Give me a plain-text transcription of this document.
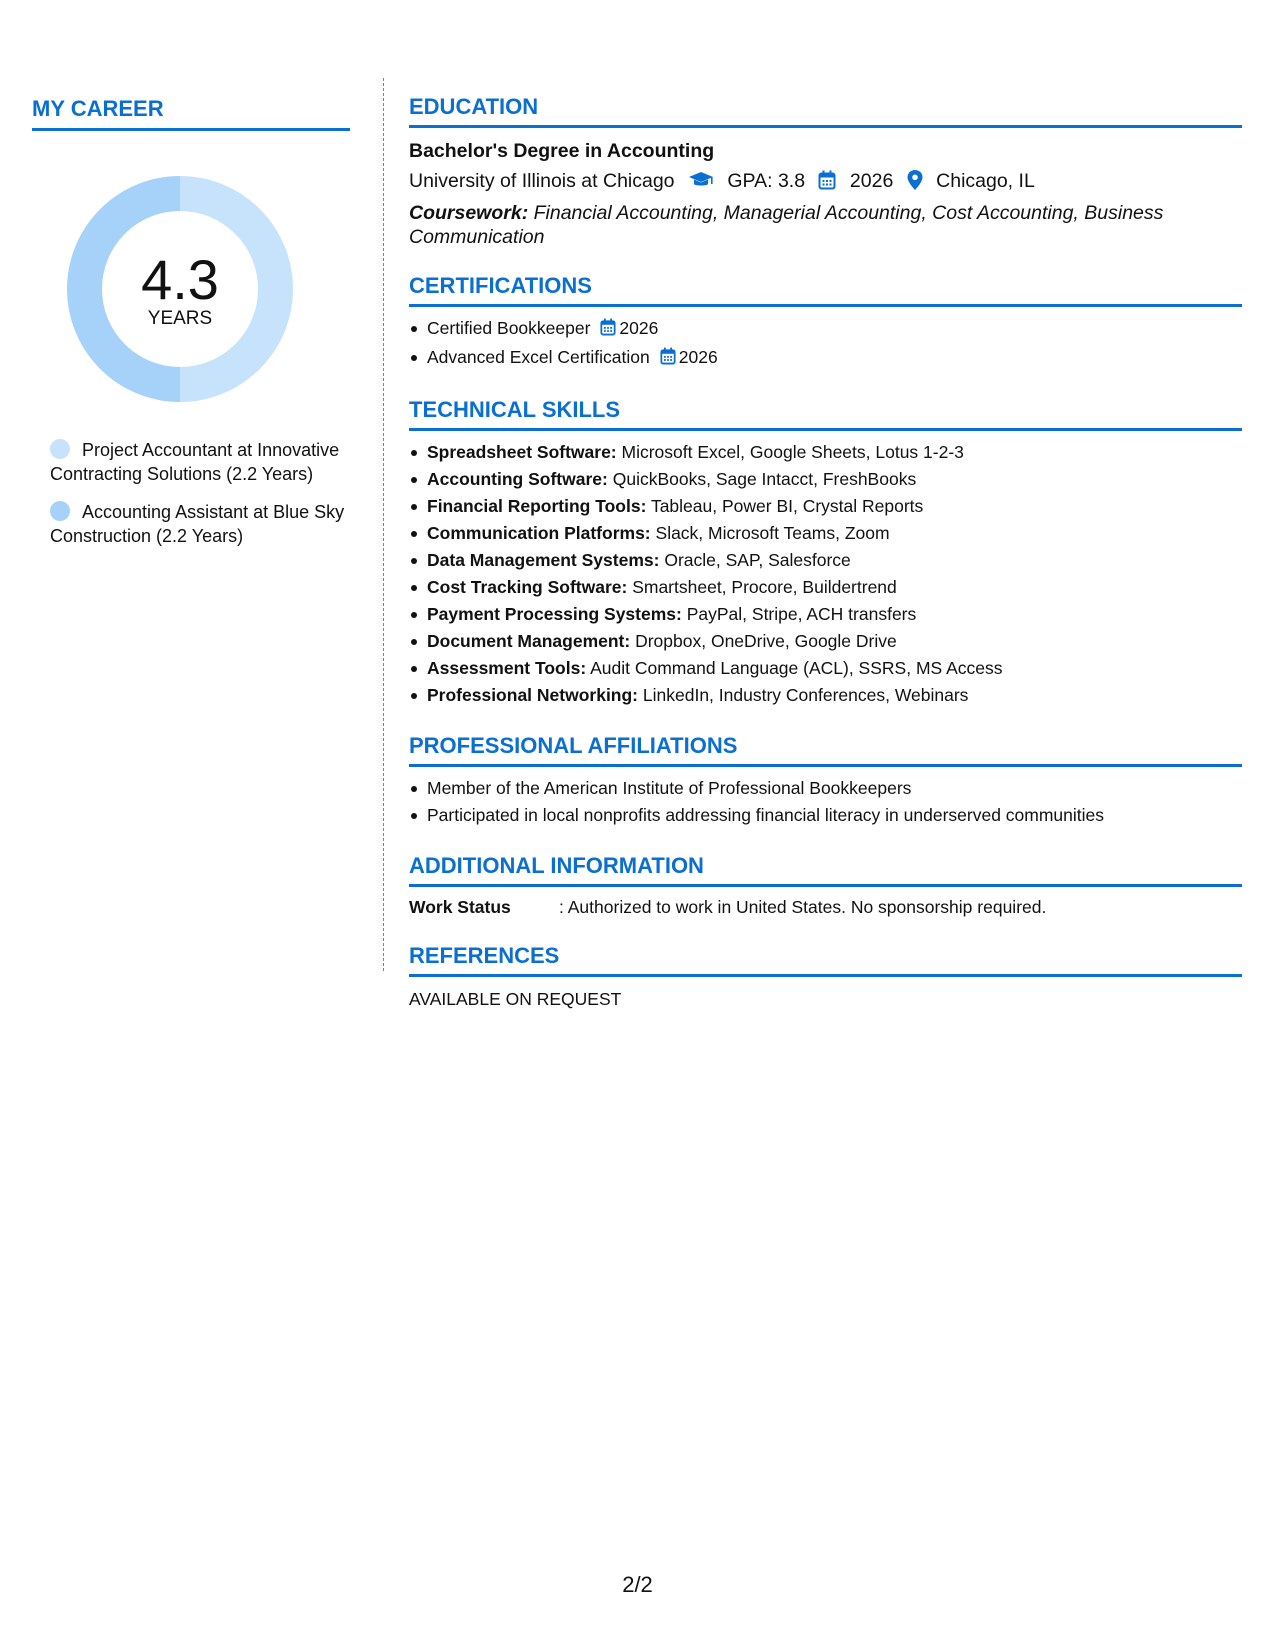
MY CAREER
4.3
YEARS
Project Accountant at Innovative Contracting Solutions (2.2 Years)
Accounting Assistant at Blue Sky Construction (2.2 Years)
EDUCATION
Bachelor's Degree in Accounting
University of Illinois at Chicago	GPA: 3.8 2026 Chicago, IL
Coursework: Financial Accounting, Managerial Accounting, Cost Accounting, Business Communication
CERTIFICATIONS
Certified Bookkeeper 2026
Advanced Excel Certification 2026
TECHNICAL SKILLS
Spreadsheet Software: Microsoft Excel, Google Sheets, Lotus 1-2-3
Accounting Software: QuickBooks, Sage Intacct, FreshBooks
Financial Reporting Tools: Tableau, Power BI, Crystal Reports
Communication Platforms: Slack, Microsoft Teams, Zoom
Data Management Systems: Oracle, SAP, Salesforce
Cost Tracking Software: Smartsheet, Procore, Buildertrend
Payment Processing Systems: PayPal, Stripe, ACH transfers
Document Management: Dropbox, OneDrive, Google Drive
Assessment Tools: Audit Command Language (ACL), SSRS, MS Access
Professional Networking: LinkedIn, Industry Conferences, Webinars
PROFESSIONAL AFFILIATIONS
Member of the American Institute of Professional Bookkeepers
Participated in local nonprofits addressing financial literacy in underserved communities
ADDITIONAL INFORMATION
Work Status	: Authorized to work in United States. No sponsorship required.
REFERENCES
AVAILABLE ON REQUEST
2/2
